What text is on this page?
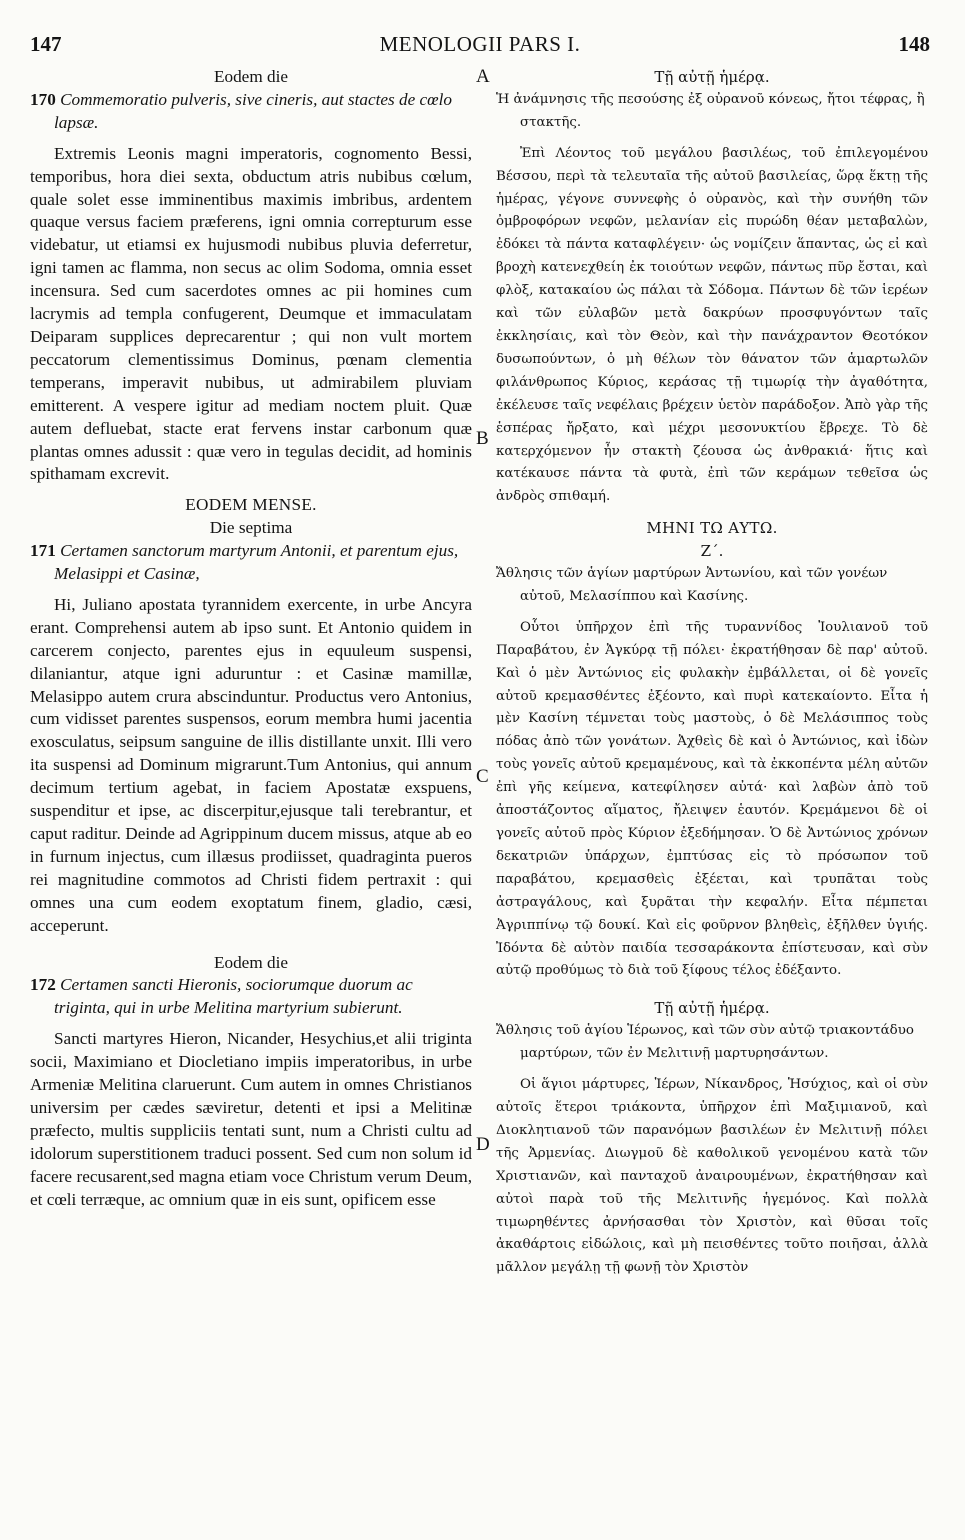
MENOLOGII PARS I.
147	148
A
B
C
D
Eodem die
170 Commemoratio pulveris, sive cineris, aut stactes de cœlo lapsæ.

Extremis Leonis magni imperatoris, cognomento Bessi, temporibus, hora diei sexta, obductum atris nubibus cœlum, quale solet esse imminentibus maximis imbribus, ardentem quaque versus faciem præferens, igni omnia correpturum esse videbatur, ut etiamsi ex hujusmodi nubibus pluvia deferretur, igni tamen ac flamma, non secus ac olim Sodoma, omnia esset incensura. Sed cum sacerdotes omnes ac pii homines cum lacrymis ad templa confugerent, Deumque et immaculatam Deiparam supplices deprecarentur ; qui non vult mortem peccatorum clementissimus Dominus, pœnam clementia temperans, imperavit nubibus, ut admirabilem pluviam emitterent. A vespere igitur ad mediam noctem pluit. Quæ autem defluebat, stacte erat fervens instar carbonum quæ plantas omnes adussit : quæ vero in tegulas decidit, ad hominis spithamam excrevit.

EODEM MENSE.
Die septima
171 Certamen sanctorum martyrum Antonii, et parentum ejus, Melasippi et Casinæ,

Hi, Juliano apostata tyrannidem exercente, in urbe Ancyra erant. Comprehensi autem ab ipso sunt. Et Antonio quidem in carcerem conjecto, parentes ejus in equuleum suspensi, dilaniantur, atque igni aduruntur : et Casinæ mamillæ, Melasippo autem crura abscinduntur. Productus vero Antonius, cum vidisset parentes suspensos, eorum membra humi jacentia exosculatus, seipsum sanguine de illis distillante unxit. Illi vero ita suspensi ad Dominum migrarunt.Tum Antonius, qui annum decimum tertium agebat, in faciem Apostatæ exspuens, suspenditur et ipse, ac discerpitur,ejusque tali terebrantur, et caput raditur. Deinde ad Agrippinum ducem missus, atque ab eo in furnum injectus, cum illæsus prodiisset, quadraginta pueros rei magnitudine commotos ad Christi fidem pertraxit : qui omnes una cum eodem exoptatum finem, gladio, cæsi, acceperunt.

Eodem die
172 Certamen sancti Hieronis, sociorumque duorum ac triginta, qui in urbe Melitina martyrium subierunt.

Sancti martyres Hieron, Nicander, Hesychius,et alii triginta socii, Maximiano et Diocletiano impiis imperatoribus, in urbe Armeniæ Melitina claruerunt. Cum autem in omnes Christianos universim per cædes sæviretur, detenti et ipsi a Melitinæ præfecto, multis suppliciis tentati sunt, num a Christi cultu ad idolorum superstitionem traduci possent. Sed cum non solum id facere recusarent,sed magna etiam voce Christum verum Deum, et cœli terræque, ac omnium quæ in eis sunt, opificem esse

Τῇ αὐτῇ ἡμέρᾳ.
Ἡ ἀνάμνησις τῆς πεσούσης ἐξ οὐρανοῦ κόνεως, ἤτοι τέφρας, ἢ στακτῆς.

Ἐπὶ Λέοντος τοῦ μεγάλου βασιλέως, τοῦ ἐπιλεγομένου Βέσσου, περὶ τὰ τελευταῖα τῆς αὐτοῦ βασιλείας, ὥρᾳ ἕκτῃ τῆς ἡμέρας, γέγονε συννεφὴς ὁ οὐρανὸς, καὶ τὴν συνήθη τῶν ὀμβροφόρων νεφῶν, μελανίαν εἰς πυρώδη θέαν μεταβαλὼν, ἐδόκει τὰ πάντα καταφλέγειν· ὡς νομίζειν ἅπαντας, ὡς εἰ καὶ βροχὴ κατενεχθείη ἐκ τοιούτων νεφῶν, πάντως πῦρ ἔσται, καὶ φλὸξ, κατακαίου ὡς πάλαι τὰ Σόδομα. Πάντων δὲ τῶν ἱερέων καὶ τῶν εὐλαβῶν μετὰ δακρύων προσφυγόντων ταῖς ἐκκλησίαις, καὶ τὸν Θεὸν, καὶ τὴν πανάχραντον Θεοτόκον δυσωπούντων, ὁ μὴ θέλων τὸν θάνατον τῶν ἁμαρτωλῶν φιλάνθρωπος Κύριος, κεράσας τῇ τιμωρίᾳ τὴν ἀγαθότητα, ἐκέλευσε ταῖς νεφέλαις βρέχειν ὑετὸν παράδοξον. Ἀπὸ γὰρ τῆς ἑσπέρας ἤρξατο, καὶ μέχρι μεσονυκτίου ἔβρεχε. Τὸ δὲ κατερχόμενον ἦν στακτὴ ζέουσα ὡς ἀνθρακιά· ἥτις καὶ κατέκαυσε πάντα τὰ φυτὰ, ἐπὶ τῶν κεράμων τεθεῖσα ὡς ἀνδρὸς σπιθαμή.

ΜΗΝΙ ΤΩ ΑΥΤΩ.
Ζ΄.
Ἄθλησις τῶν ἁγίων μαρτύρων Ἀντωνίου, καὶ τῶν γονέων αὐτοῦ, Μελασίππου καὶ Κασίνης.

Οὗτοι ὑπῆρχον ἐπὶ τῆς τυραννίδος Ἰουλιανοῦ τοῦ Παραβάτου, ἐν Ἀγκύρᾳ τῇ πόλει· ἐκρατήθησαν δὲ παρ' αὐτοῦ. Καὶ ὁ μὲν Ἀντώνιος εἰς φυλακὴν ἐμβάλλεται, οἱ δὲ γονεῖς αὐτοῦ κρεμασθέντες ἐξέοντο, καὶ πυρὶ κατεκαίοντο. Εἶτα ἡ μὲν Κασίνη τέμνεται τοὺς μαστοὺς, ὁ δὲ Μελάσιππος τοὺς πόδας ἀπὸ τῶν γονάτων. Ἀχθεὶς δὲ καὶ ὁ Ἀντώνιος, καὶ ἰδὼν τοὺς γονεῖς αὐτοῦ κρεμαμένους, καὶ τὰ ἐκκοπέντα μέλη αὐτῶν ἐπὶ γῆς κείμενα, κατεφίλησεν αὐτά· καὶ λαβὼν ἀπὸ τοῦ ἀποστάζοντος αἵματος, ἤλειψεν ἑαυτόν. Κρεμάμενοι δὲ οἱ γονεῖς αὐτοῦ πρὸς Κύριον ἐξεδήμησαν. Ὁ δὲ Ἀντώνιος χρόνων δεκατριῶν ὑπάρχων, ἐμπτύσας εἰς τὸ πρόσωπον τοῦ παραβάτου, κρεμασθεὶς ἐξέεται, καὶ τρυπᾶται τοὺς ἀστραγάλους, καὶ ξυρᾶται τὴν κεφαλήν. Εἶτα πέμπεται Ἀγριππίνῳ τῷ δουκί. Καὶ εἰς φοῦρνον βληθεὶς, ἐξῆλθεν ὑγιής. Ἰδόντα δὲ αὐτὸν παιδία τεσσαράκοντα ἐπίστευσαν, καὶ σὺν αὐτῷ προθύμως τὸ διὰ τοῦ ξίφους τέλος ἐδέξαντο.

Τῇ αὐτῇ ἡμέρᾳ.
Ἄθλησις τοῦ ἁγίου Ἱέρωνος, καὶ τῶν σὺν αὐτῷ τριακοντάδυο μαρτύρων, τῶν ἐν Μελιτινῇ μαρτυρησάντων.

Οἱ ἅγιοι μάρτυρες, Ἱέρων, Νίκανδρος, Ἡσύχιος, καὶ οἱ σὺν αὐτοῖς ἕτεροι τριάκοντα, ὑπῆρχον ἐπὶ Μαξιμιανοῦ, καὶ Διοκλητιανοῦ τῶν παρανόμων βασιλέων ἐν Μελιτινῇ πόλει τῆς Ἀρμενίας. Διωγμοῦ δὲ καθολικοῦ γενομένου κατὰ τῶν Χριστιανῶν, καὶ πανταχοῦ ἀναιρουμένων, ἐκρατήθησαν καὶ αὐτοὶ παρὰ τοῦ τῆς Μελιτινῆς ἡγεμόνος. Καὶ πολλὰ τιμωρηθέντες ἀρνήσασθαι τὸν Χριστὸν, καὶ θῦσαι τοῖς ἀκαθάρτοις εἰδώλοις, καὶ μὴ πεισθέντες τοῦτο ποιῆσαι, ἀλλὰ μᾶλλον μεγάλῃ τῇ φωνῇ τὸν Χριστὸν
